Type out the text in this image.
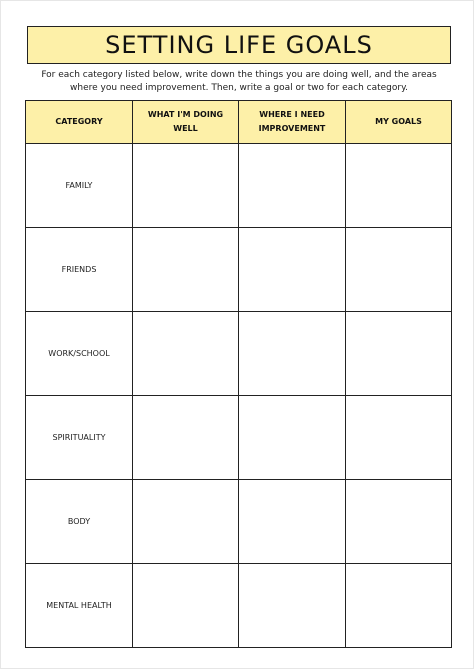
SETTING LIFE GOALS
For each category listed below, write down the things you are doing well, and the areas where you need improvement. Then, write a goal or two for each category.
CATEGORY	WHAT I'M DOING WELL	WHERE I NEED IMPROVEMENT	MY GOALS
FAMILY			
FRIENDS			
WORK/SCHOOL			
SPIRITUALITY			
BODY			
MENTAL HEALTH			
